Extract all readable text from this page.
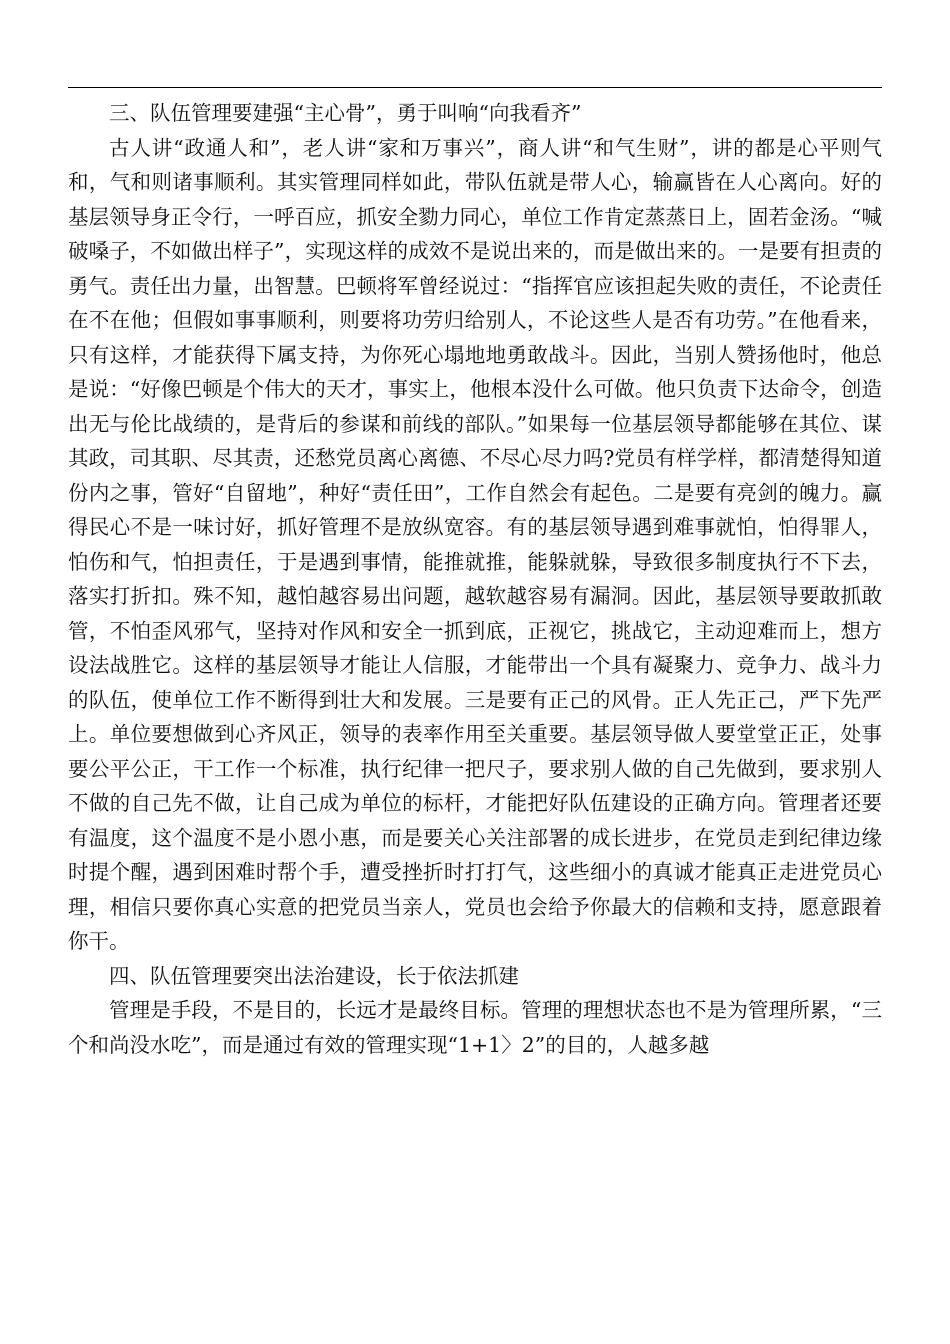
三、队伍管理要建强“主心骨”，勇于叫响“向我看齐”

古人讲“政通人和”，老人讲“家和万事兴”，商人讲“和气生财”，讲的都是心平则气和，气和则诸事顺利。其实管理同样如此，带队伍就是带人心，输赢皆在人心离向。好的基层领导身正令行，一呼百应，抓安全勠力同心，单位工作肯定蒸蒸日上，固若金汤。“喊破嗓子，不如做出样子”，实现这样的成效不是说出来的，而是做出来的。一是要有担责的勇气。责任出力量，出智慧。巴顿将军曾经说过：“指挥官应该担起失败的责任，不论责任在不在他；但假如事事顺利，则要将功劳归给别人，不论这些人是否有功劳。”在他看来，只有这样，才能获得下属支持，为你死心塌地地勇敢战斗。因此，当别人赞扬他时，他总是说：“好像巴顿是个伟大的天才，事实上，他根本没什么可做。他只负责下达命令，创造出无与伦比战绩的，是背后的参谋和前线的部队。”如果每一位基层领导都能够在其位、谋其政，司其职、尽其责，还愁党员离心离德、不尽心尽力吗?党员有样学样，都清楚得知道份内之事，管好“自留地”，种好“责任田”，工作自然会有起色。二是要有亮剑的魄力。赢得民心不是一味讨好，抓好管理不是放纵宽容。有的基层领导遇到难事就怕，怕得罪人，怕伤和气，怕担责任，于是遇到事情，能推就推，能躲就躲，导致很多制度执行不下去，落实打折扣。殊不知，越怕越容易出问题，越软越容易有漏洞。因此，基层领导要敢抓敢管，不怕歪风邪气，坚持对作风和安全一抓到底，正视它，挑战它，主动迎难而上，想方设法战胜它。这样的基层领导才能让人信服，才能带出一个具有凝聚力、竞争力、战斗力的队伍，使单位工作不断得到壮大和发展。三是要有正己的风骨。正人先正己，严下先严上。单位要想做到心齐风正，领导的表率作用至关重要。基层领导做人要堂堂正正，处事要公平公正，干工作一个标准，执行纪律一把尺子，要求别人做的自己先做到，要求别人不做的自己先不做，让自己成为单位的标杆，才能把好队伍建设的正确方向。管理者还要有温度，这个温度不是小恩小惠，而是要关心关注部署的成长进步，在党员走到纪律边缘时提个醒，遇到困难时帮个手，遭受挫折时打打气，这些细小的真诚才能真正走进党员心理，相信只要你真心实意的把党员当亲人，党员也会给予你最大的信赖和支持，愿意跟着你干。

四、队伍管理要突出法治建设，长于依法抓建

管理是手段，不是目的，长远才是最终目标。管理的理想状态也不是为管理所累，“三个和尚没水吃”，而是通过有效的管理实现“1+1〉2”的目的，人越多越
